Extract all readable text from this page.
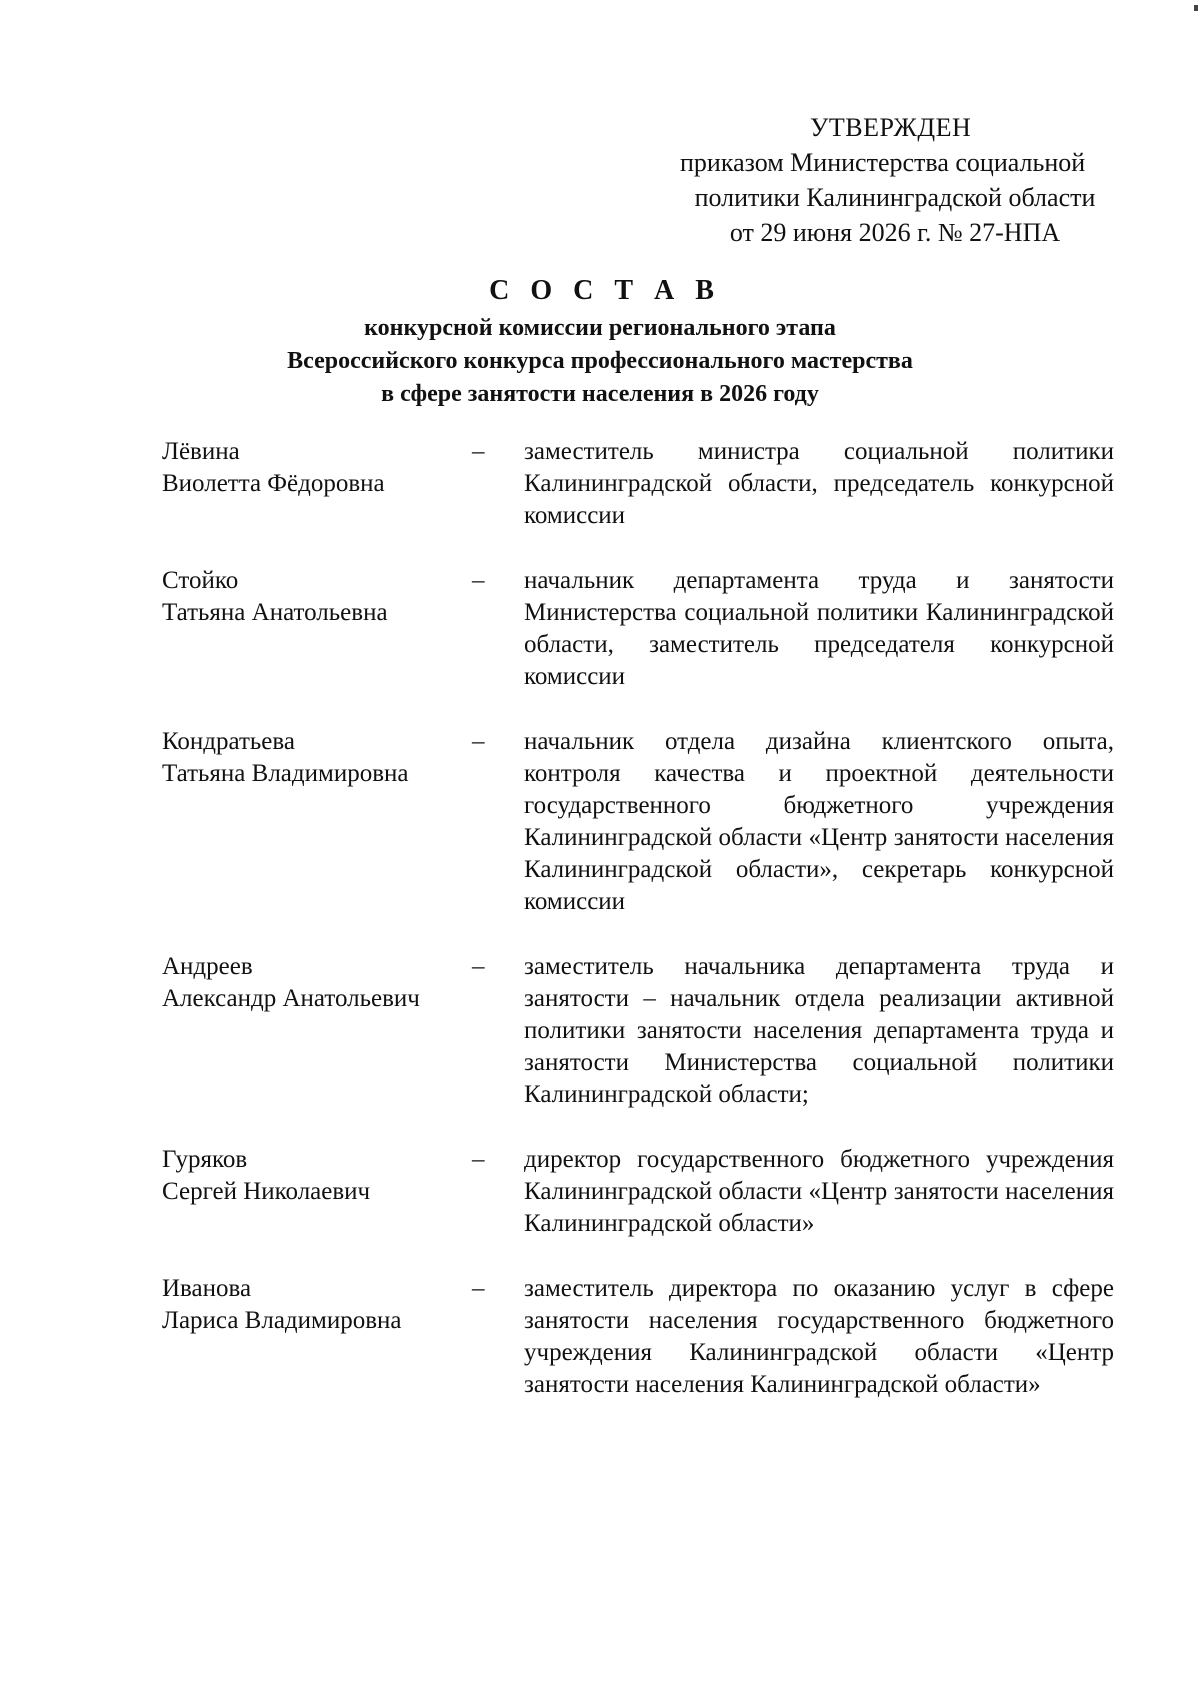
УТВЕРЖДЕН
приказом Министерства социальной
политики Калининградской области
от 29 июня 2026 г. № 27-НПА
С О С Т А В
конкурсной комиссии регионального этапа
Всероссийского конкурса профессионального мастерства
в сфере занятости населения в 2026 году
Лёвина
Виолетта Фёдоровна
– заместитель министра социальной политики Калининградской области, председатель конкурсной комиссии
Стойко
Татьяна Анатольевна
– начальник департамента труда и занятости Министерства социальной политики Калининградской области, заместитель председателя конкурсной комиссии
Кондратьева
Татьяна Владимировна
– начальник отдела дизайна клиентского опыта, контроля качества и проектной деятельности государственного бюджетного учреждения Калининградской области «Центр занятости населения Калининградской области», секретарь конкурсной комиссии
Андреев
Александр Анатольевич
– заместитель начальника департамента труда и занятости – начальник отдела реализации активной политики занятости населения департамента труда и занятости Министерства социальной политики Калининградской области;
Гуряков
Сергей Николаевич
– директор государственного бюджетного учреждения Калининградской области «Центр занятости населения Калининградской области»
Иванова
Лариса Владимировна
– заместитель директора по оказанию услуг в сфере занятости населения государственного бюджетного учреждения Калининградской области «Центр занятости населения Калининградской области»
